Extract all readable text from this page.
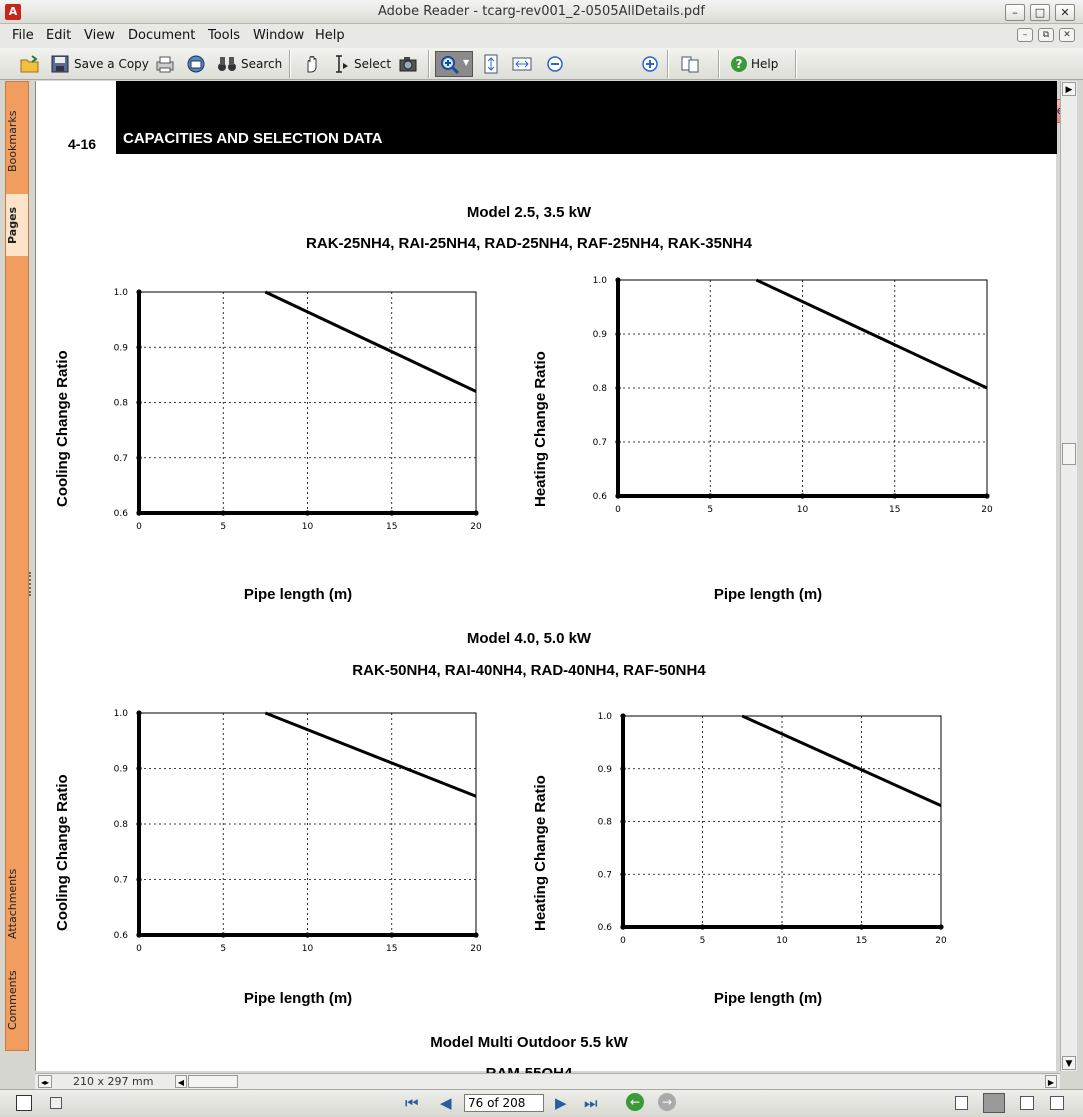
A	Adobe Reader - tcarg-rev001_2-0505AllDetails.pdf	–	□	✕
File Edit View Document Tools Window Help	–	⧉	✕
Save a Copy	Search	Select	▼	? Help
Bookmarks
Pages
Attachments
Comments
4-16 CAPACITIES AND SELECTION DATA
Model 2.5, 3.5 kW
RAK-25NH4, RAI-25NH4, RAD-25NH4, RAF-25NH4, RAK-35NH4
Cooling Change Ratio
0	5	10	15	20
0.6
0.7
0.8
0.9
1.0
Pipe length (m)
Heating Change Ratio
0	5	10	15	20
0.6
0.7
0.8
0.9
1.0
Pipe length (m)
Model 4.0, 5.0 kW
RAK-50NH4, RAI-40NH4, RAD-40NH4, RAF-50NH4
Cooling Change Ratio
0	5	10	15	20
0.6
0.7
0.8
0.9
1.0
Pipe length (m)
Heating Change Ratio
0	5	10	15	20
0.6
0.7
0.8
0.9
1.0
Pipe length (m)
Model Multi Outdoor 5.5 kW
▶
▼
◂▸ 210 x 297 mm	◀	▶
⏮ ◀	76 of 208	▶ ⏭	←	→
